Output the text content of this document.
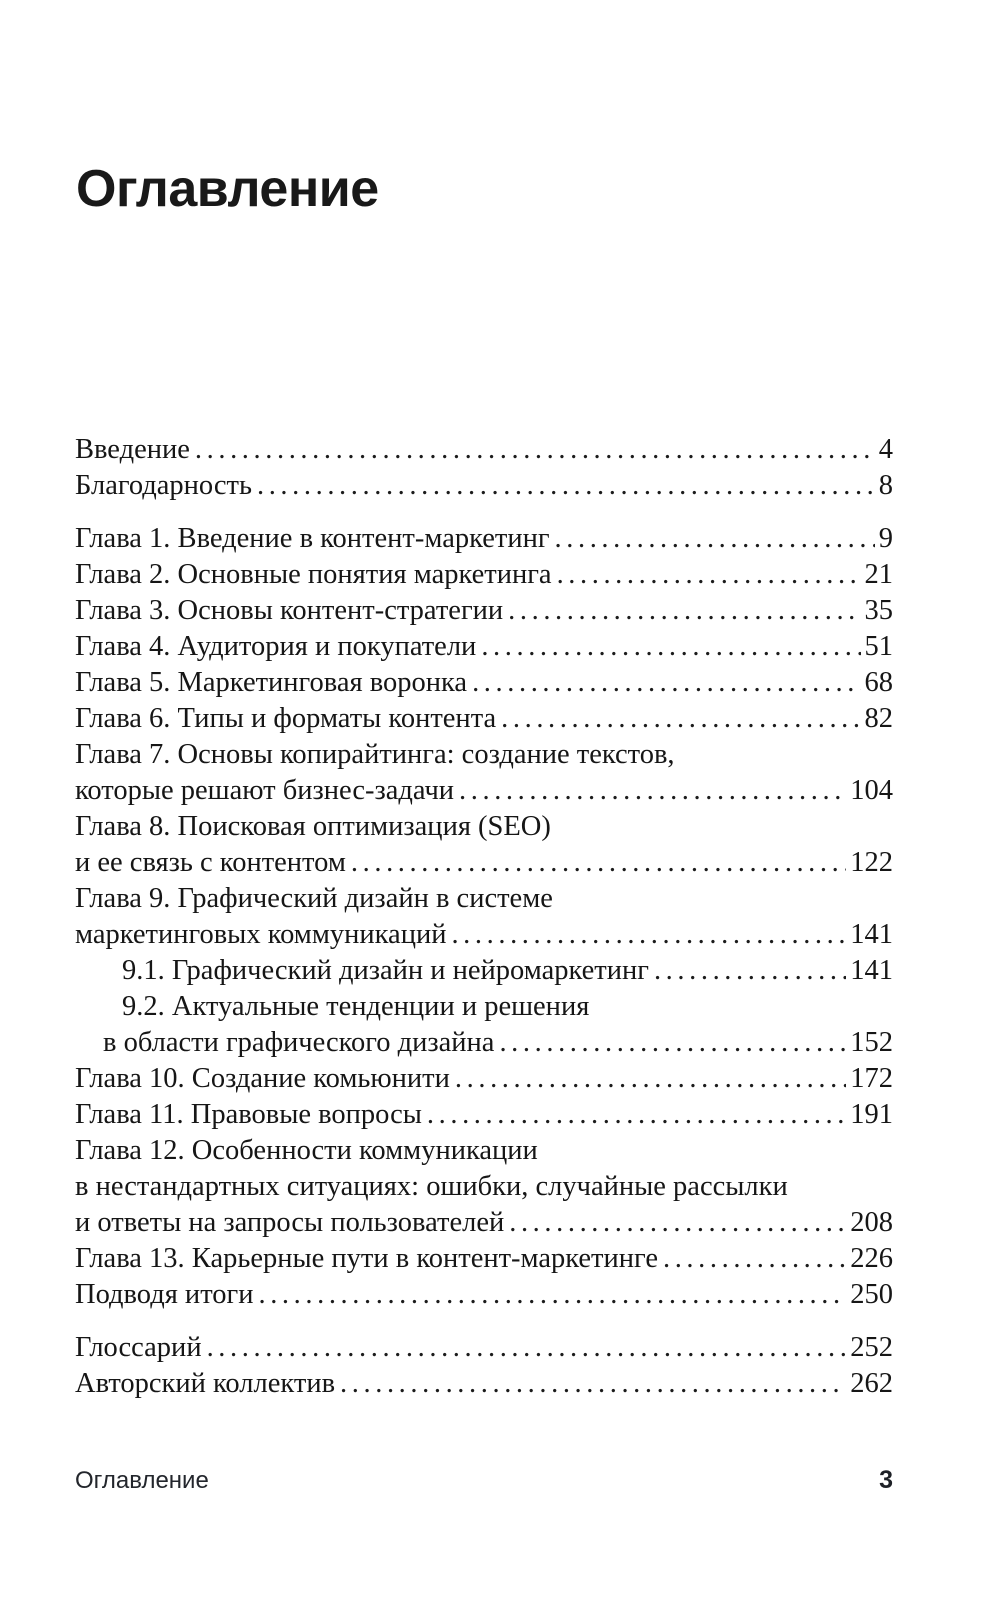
Оглавление
Введение .....	4
Благодарность .....	8
Глава 1. Введение в контент-маркетинг .....	9
Глава 2. Основные понятия маркетинга .....	21
Глава 3. Основы контент-стратегии .....	35
Глава 4. Аудитория и покупатели .....	51
Глава 5. Маркетинговая воронка .....	68
Глава 6. Типы и форматы контента .....	82
Глава 7. Основы копирайтинга: создание текстов,
которые решают бизнес-задачи .....	104
Глава 8. Поисковая оптимизация (SEO)
и ее связь с контентом .....	122
Глава 9. Графический дизайн в системе
маркетинговых коммуникаций .....	141
9.1. Графический дизайн и нейромаркетинг .....	141
9.2. Актуальные тенденции и решения
в области графического дизайна .....	152
Глава 10. Создание комьюнити .....	172
Глава 11. Правовые вопросы .....	191
Глава 12. Особенности коммуникации
в нестандартных ситуациях: ошибки, случайные рассылки
и ответы на запросы пользователей .....	208
Глава 13. Карьерные пути в контент-маркетинге .....	226
Подводя итоги .....	250
Глоссарий .....	252
Авторский коллектив .....	262
Оглавление	3
